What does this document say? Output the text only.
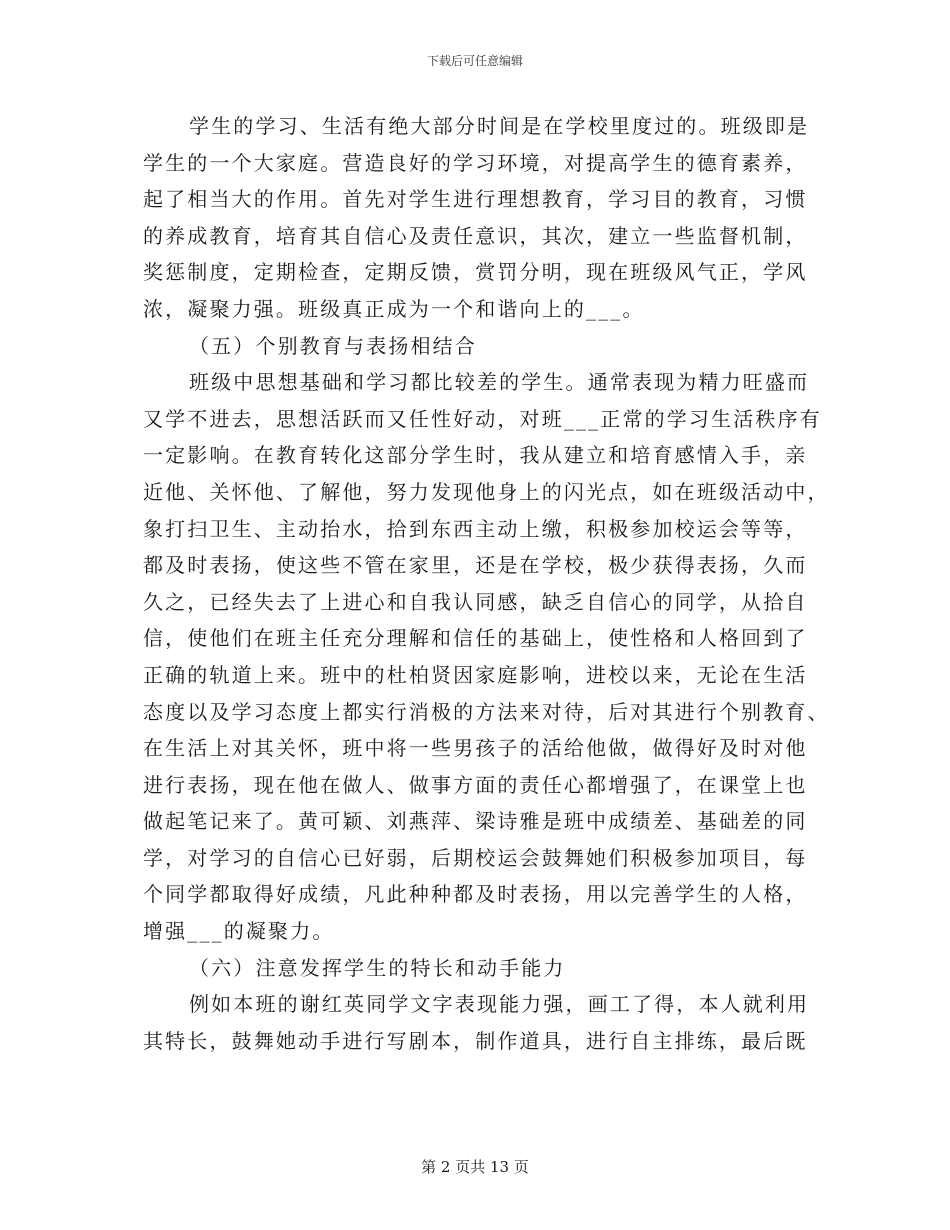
下载后可任意编辑
学生的学习、生活有绝大部分时间是在学校里度过的。班级即是
学生的一个大家庭。营造良好的学习环境，对提高学生的德育素养，
起了相当大的作用。首先对学生进行理想教育，学习目的教育，习惯
的养成教育，培育其自信心及责任意识，其次，建立一些监督机制，
奖惩制度，定期检查，定期反馈，赏罚分明，现在班级风气正，学风
浓，凝聚力强。班级真正成为一个和谐向上的___。
（五）个别教育与表扬相结合
班级中思想基础和学习都比较差的学生。通常表现为精力旺盛而
又学不进去，思想活跃而又任性好动，对班___正常的学习生活秩序有
一定影响。在教育转化这部分学生时，我从建立和培育感情入手，亲
近他、关怀他、了解他，努力发现他身上的闪光点，如在班级活动中，
象打扫卫生、主动抬水，拾到东西主动上缴，积极参加校运会等等，
都及时表扬，使这些不管在家里，还是在学校，极少获得表扬，久而
久之，已经失去了上进心和自我认同感，缺乏自信心的同学，从拾自
信，使他们在班主任充分理解和信任的基础上，使性格和人格回到了
正确的轨道上来。班中的杜柏贤因家庭影响，进校以来，无论在生活
态度以及学习态度上都实行消极的方法来对待，后对其进行个别教育、
在生活上对其关怀，班中将一些男孩子的活给他做，做得好及时对他
进行表扬，现在他在做人、做事方面的责任心都增强了，在课堂上也
做起笔记来了。黄可颖、刘燕萍、梁诗雅是班中成绩差、基础差的同
学，对学习的自信心已好弱，后期校运会鼓舞她们积极参加项目，每
个同学都取得好成绩，凡此种种都及时表扬，用以完善学生的人格，
增强___的凝聚力。
（六）注意发挥学生的特长和动手能力
例如本班的谢红英同学文字表现能力强，画工了得，本人就利用
其特长，鼓舞她动手进行写剧本，制作道具，进行自主排练，最后既
第 2 页共 13 页
